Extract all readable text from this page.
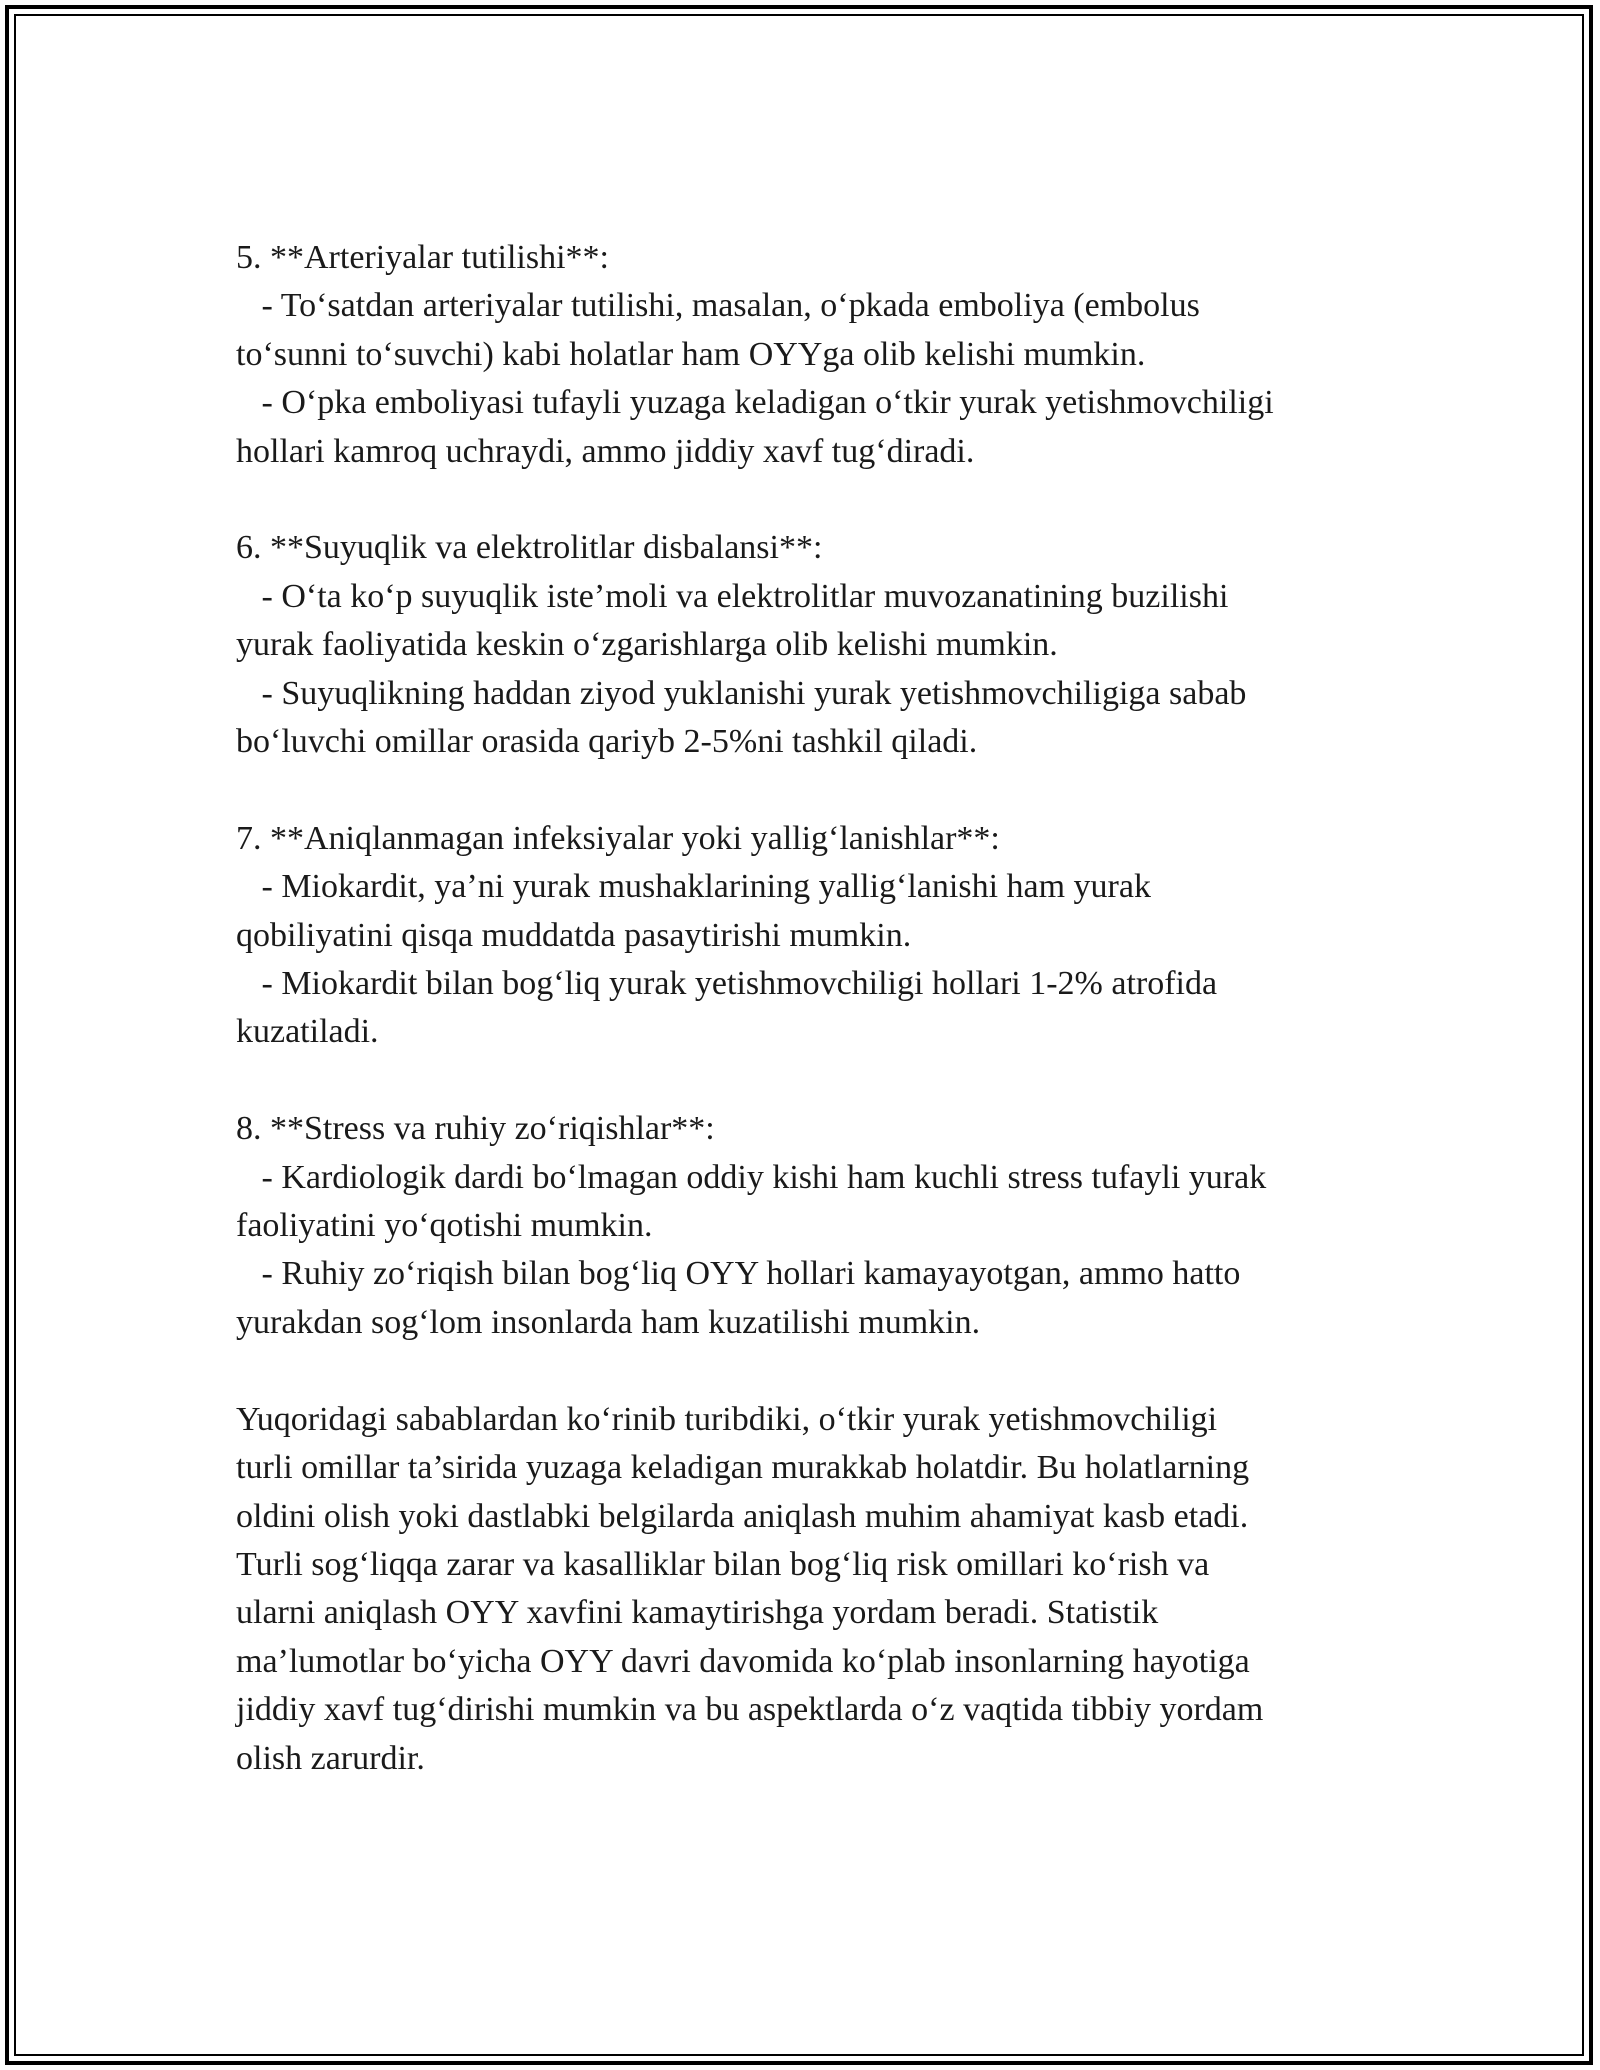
5. **Arteriyalar tutilishi**:
- To‘satdan arteriyalar tutilishi, masalan, o‘pkada emboliya (embolus
to‘sunni to‘suvchi) kabi holatlar ham OYYga olib kelishi mumkin.
- O‘pka emboliyasi tufayli yuzaga keladigan o‘tkir yurak yetishmovchiligi
hollari kamroq uchraydi, ammo jiddiy xavf tug‘diradi.
6. **Suyuqlik va elektrolitlar disbalansi**:
- O‘ta ko‘p suyuqlik iste’moli va elektrolitlar muvozanatining buzilishi
yurak faoliyatida keskin o‘zgarishlarga olib kelishi mumkin.
- Suyuqlikning haddan ziyod yuklanishi yurak yetishmovchiligiga sabab
bo‘luvchi omillar orasida qariyb 2-5%ni tashkil qiladi.
7. **Aniqlanmagan infeksiyalar yoki yallig‘lanishlar**:
- Miokardit, ya’ni yurak mushaklarining yallig‘lanishi ham yurak
qobiliyatini qisqa muddatda pasaytirishi mumkin.
- Miokardit bilan bog‘liq yurak yetishmovchiligi hollari 1-2% atrofida
kuzatiladi.
8. **Stress va ruhiy zo‘riqishlar**:
- Kardiologik dardi bo‘lmagan oddiy kishi ham kuchli stress tufayli yurak
faoliyatini yo‘qotishi mumkin.
- Ruhiy zo‘riqish bilan bog‘liq OYY hollari kamayayotgan, ammo hatto
yurakdan sog‘lom insonlarda ham kuzatilishi mumkin.
Yuqoridagi sabablardan ko‘rinib turibdiki, o‘tkir yurak yetishmovchiligi
turli omillar ta’sirida yuzaga keladigan murakkab holatdir. Bu holatlarning
oldini olish yoki dastlabki belgilarda aniqlash muhim ahamiyat kasb etadi.
Turli sog‘liqqa zarar va kasalliklar bilan bog‘liq risk omillari ko‘rish va
ularni aniqlash OYY xavfini kamaytirishga yordam beradi. Statistik
ma’lumotlar bo‘yicha OYY davri davomida ko‘plab insonlarning hayotiga
jiddiy xavf tug‘dirishi mumkin va bu aspektlarda o‘z vaqtida tibbiy yordam
olish zarurdir.
